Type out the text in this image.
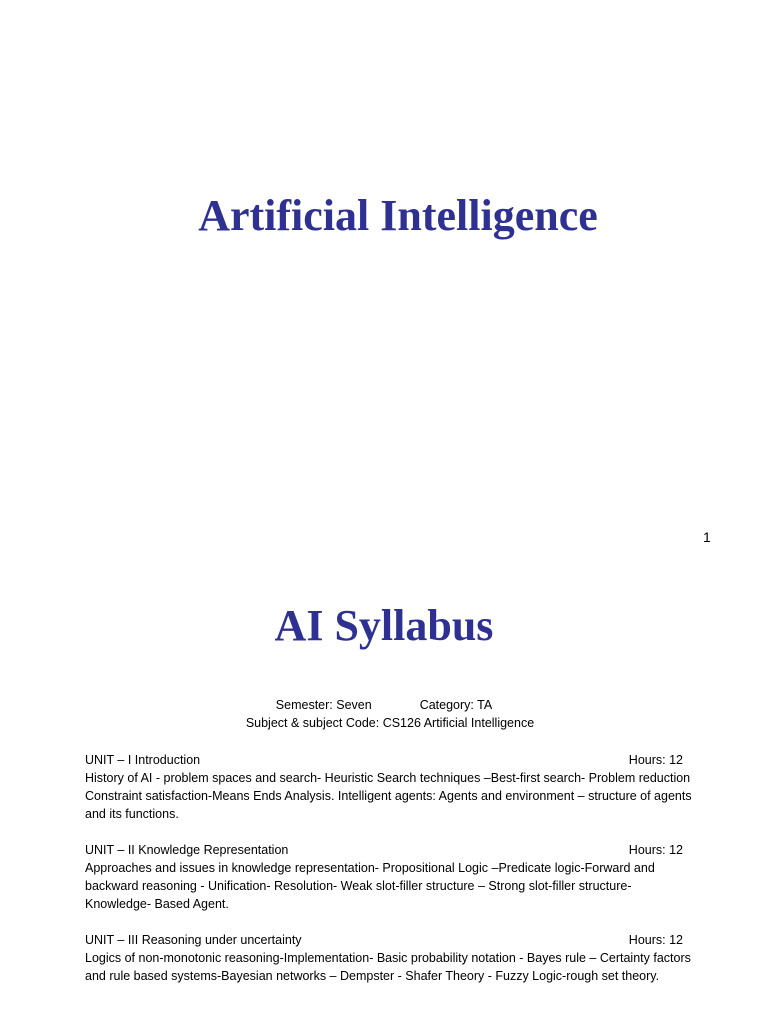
Artificial Intelligence
1
AI Syllabus
Semester: Seven	Category: TA
Subject & subject Code: CS126 Artificial Intelligence
UNIT – I Introduction	Hours: 12

History of AI - problem spaces and search- Heuristic Search techniques –Best-first search- Problem reduction Constraint satisfaction-Means Ends Analysis. Intelligent agents: Agents and environment – structure of agents and its functions.

UNIT – II Knowledge Representation	Hours: 12

Approaches and issues in knowledge representation- Propositional Logic –Predicate logic-Forward and backward reasoning - Unification- Resolution- Weak slot-filler structure – Strong slot-filler structure- Knowledge- Based Agent.

UNIT – III Reasoning under uncertainty	Hours: 12

Logics of non-monotonic reasoning-Implementation- Basic probability notation - Bayes rule – Certainty factors and rule based systems-Bayesian networks – Dempster - Shafer Theory - Fuzzy Logic-rough set theory.
